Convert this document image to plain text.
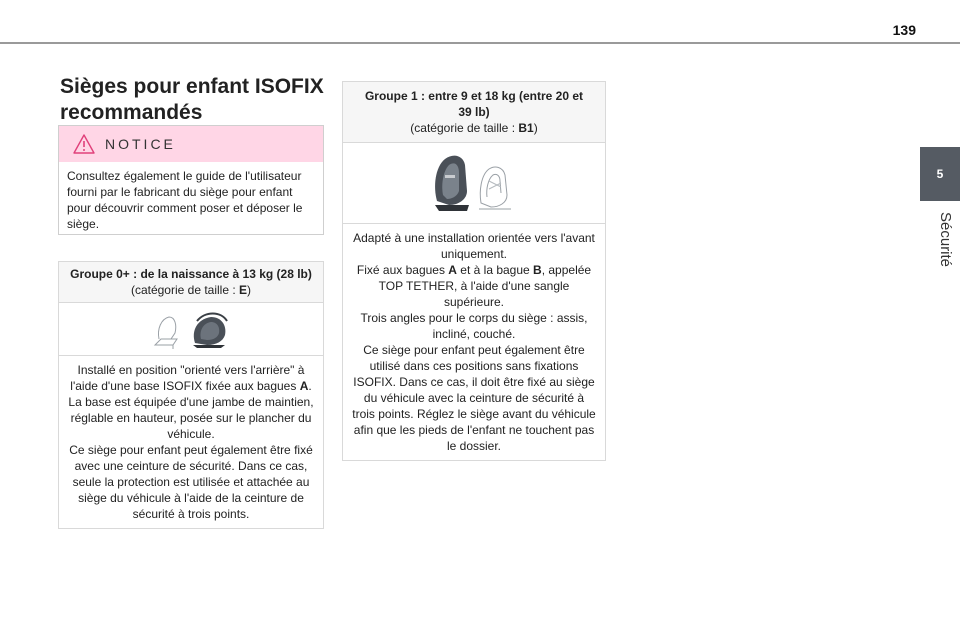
139
5
Sécurité
Sièges pour enfant ISOFIX recommandés
NOTICE
Consultez également le guide de l'utilisateur fourni par le fabricant du siège pour enfant pour découvrir comment poser et déposer le siège.
Groupe 0+ : de la naissance à 13 kg (28 lb)
(catégorie de taille : E)

Installé en position "orienté vers l'arrière" à l'aide d'une base ISOFIX fixée aux bagues A. La base est équipée d'une jambe de maintien, réglable en hauteur, posée sur le plancher du véhicule.

Ce siège pour enfant peut également être fixé avec une ceinture de sécurité. Dans ce cas, seule la protection est utilisée et attachée au siège du véhicule à l'aide de la ceinture de sécurité à trois points.

Groupe 1 : entre 9 et 18 kg (entre 20 et 39 lb)
(catégorie de taille : B1)

Adapté à une installation orientée vers l'avant uniquement.

Fixé aux bagues A et à la bague B, appelée TOP TETHER, à l'aide d'une sangle supérieure.

Trois angles pour le corps du siège : assis, incliné, couché.

Ce siège pour enfant peut également être utilisé dans ces positions sans fixations ISOFIX. Dans ce cas, il doit être fixé au siège du véhicule avec la ceinture de sécurité à trois points. Réglez le siège avant du véhicule afin que les pieds de l'enfant ne touchent pas le dossier.
